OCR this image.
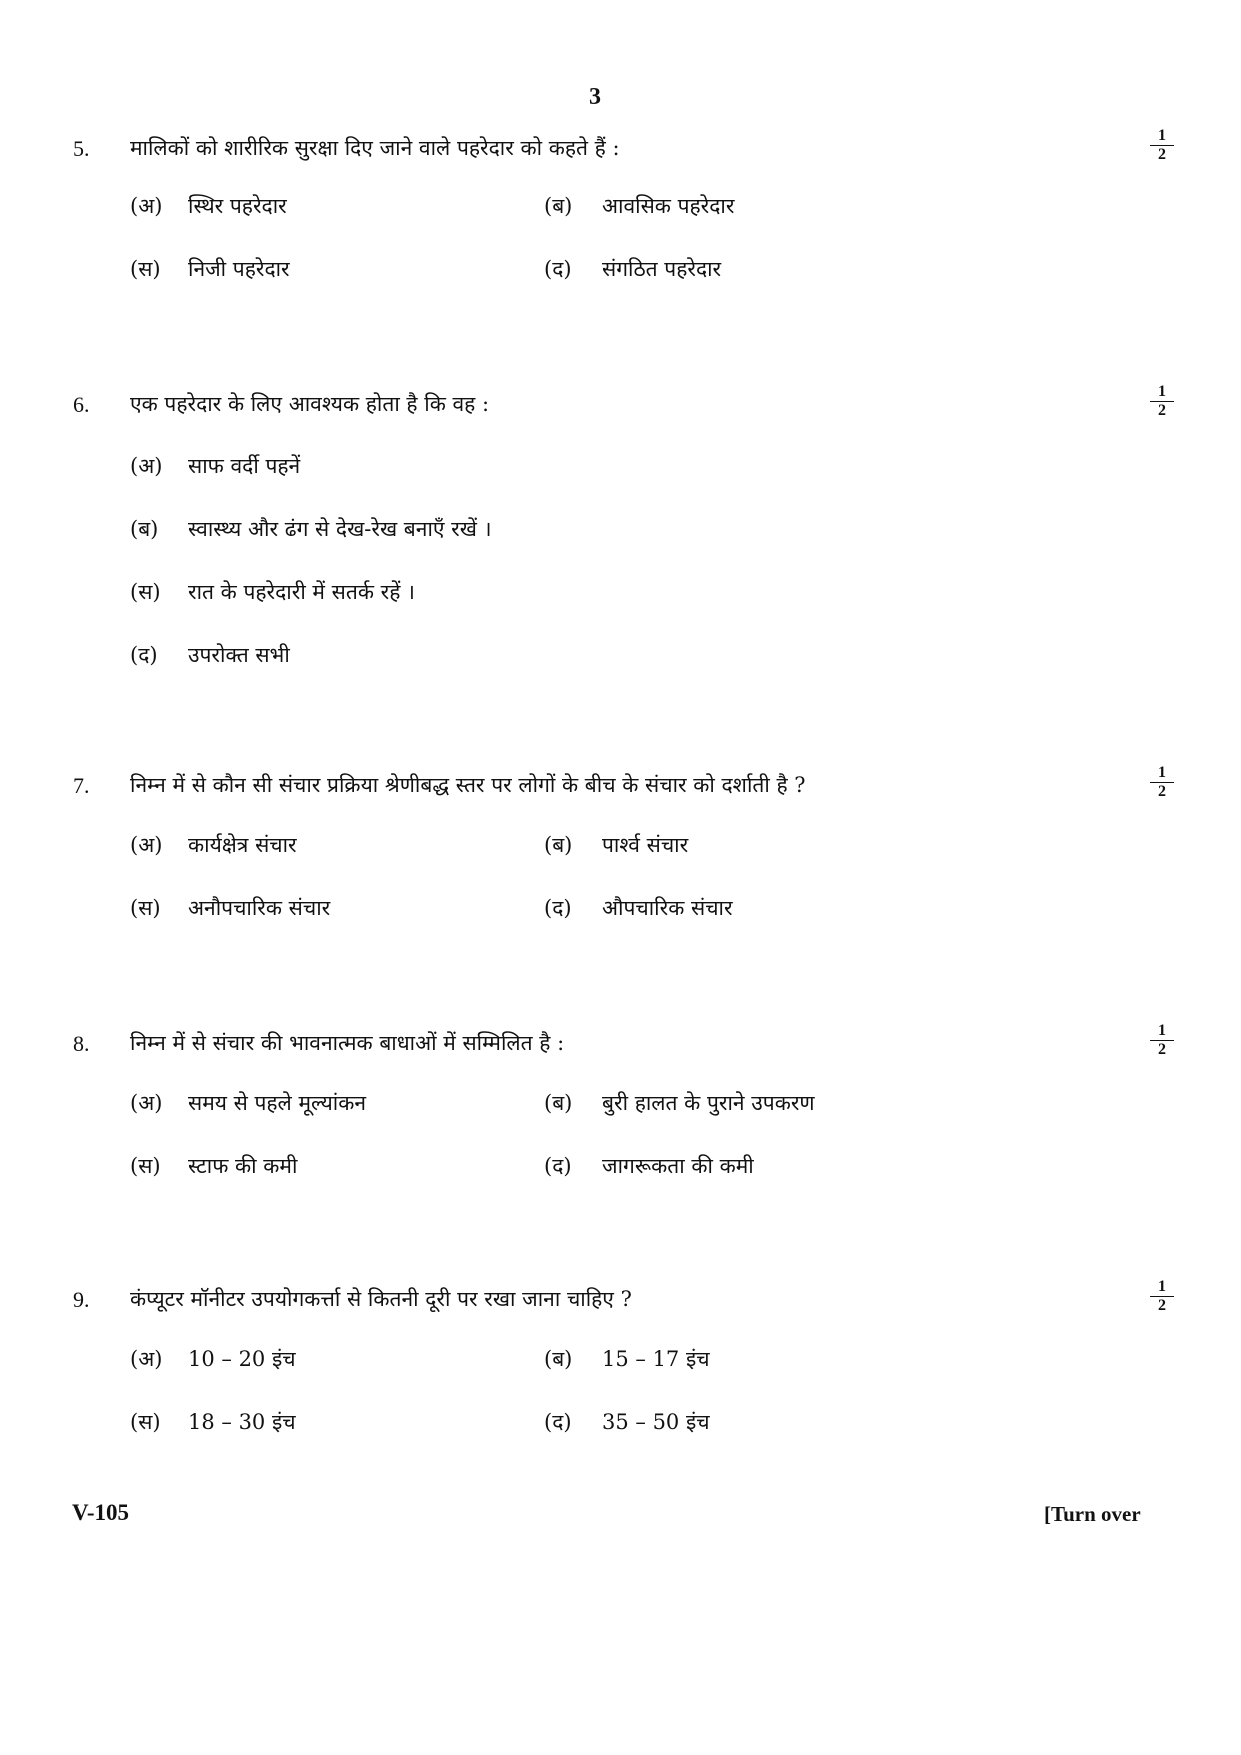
3
5. मालिकों को शारीरिक सुरक्षा दिए जाने वाले पहरेदार को कहते हैं :	$\frac{1}{2}$
(अ) स्थिर पहरेदार	(ब) आवसिक पहरेदार
(स) निजी पहरेदार	(द) संगठित पहरेदार
6. एक पहरेदार के लिए आवश्यक होता है कि वह :	$\frac{1}{2}$
(अ) साफ वर्दी पहनें
(ब) स्वास्थ्य और ढंग से देख-रेख बनाएँ रखें ।
(स) रात के पहरेदारी में सतर्क रहें ।
(द) उपरोक्त सभी
7. निम्न में से कौन सी संचार प्रक्रिया श्रेणीबद्ध स्तर पर लोगों के बीच के संचार को दर्शाती है ?	$\frac{1}{2}$
(अ) कार्यक्षेत्र संचार	(ब) पार्श्व संचार
(स) अनौपचारिक संचार	(द) औपचारिक संचार
8. निम्न में से संचार की भावनात्मक बाधाओं में सम्मिलित है :	$\frac{1}{2}$
(अ) समय से पहले मूल्यांकन	(ब) बुरी हालत के पुराने उपकरण
(स) स्टाफ की कमी	(द) जागरूकता की कमी
9. कंप्यूटर मॉनीटर उपयोगकर्त्ता से कितनी दूरी पर रखा जाना चाहिए ?	$\frac{1}{2}$
(अ) 10 – 20 इंच	(ब) 15 – 17 इंच
(स) 18 – 30 इंच	(द) 35 – 50 इंच
V-105	[Turn over
